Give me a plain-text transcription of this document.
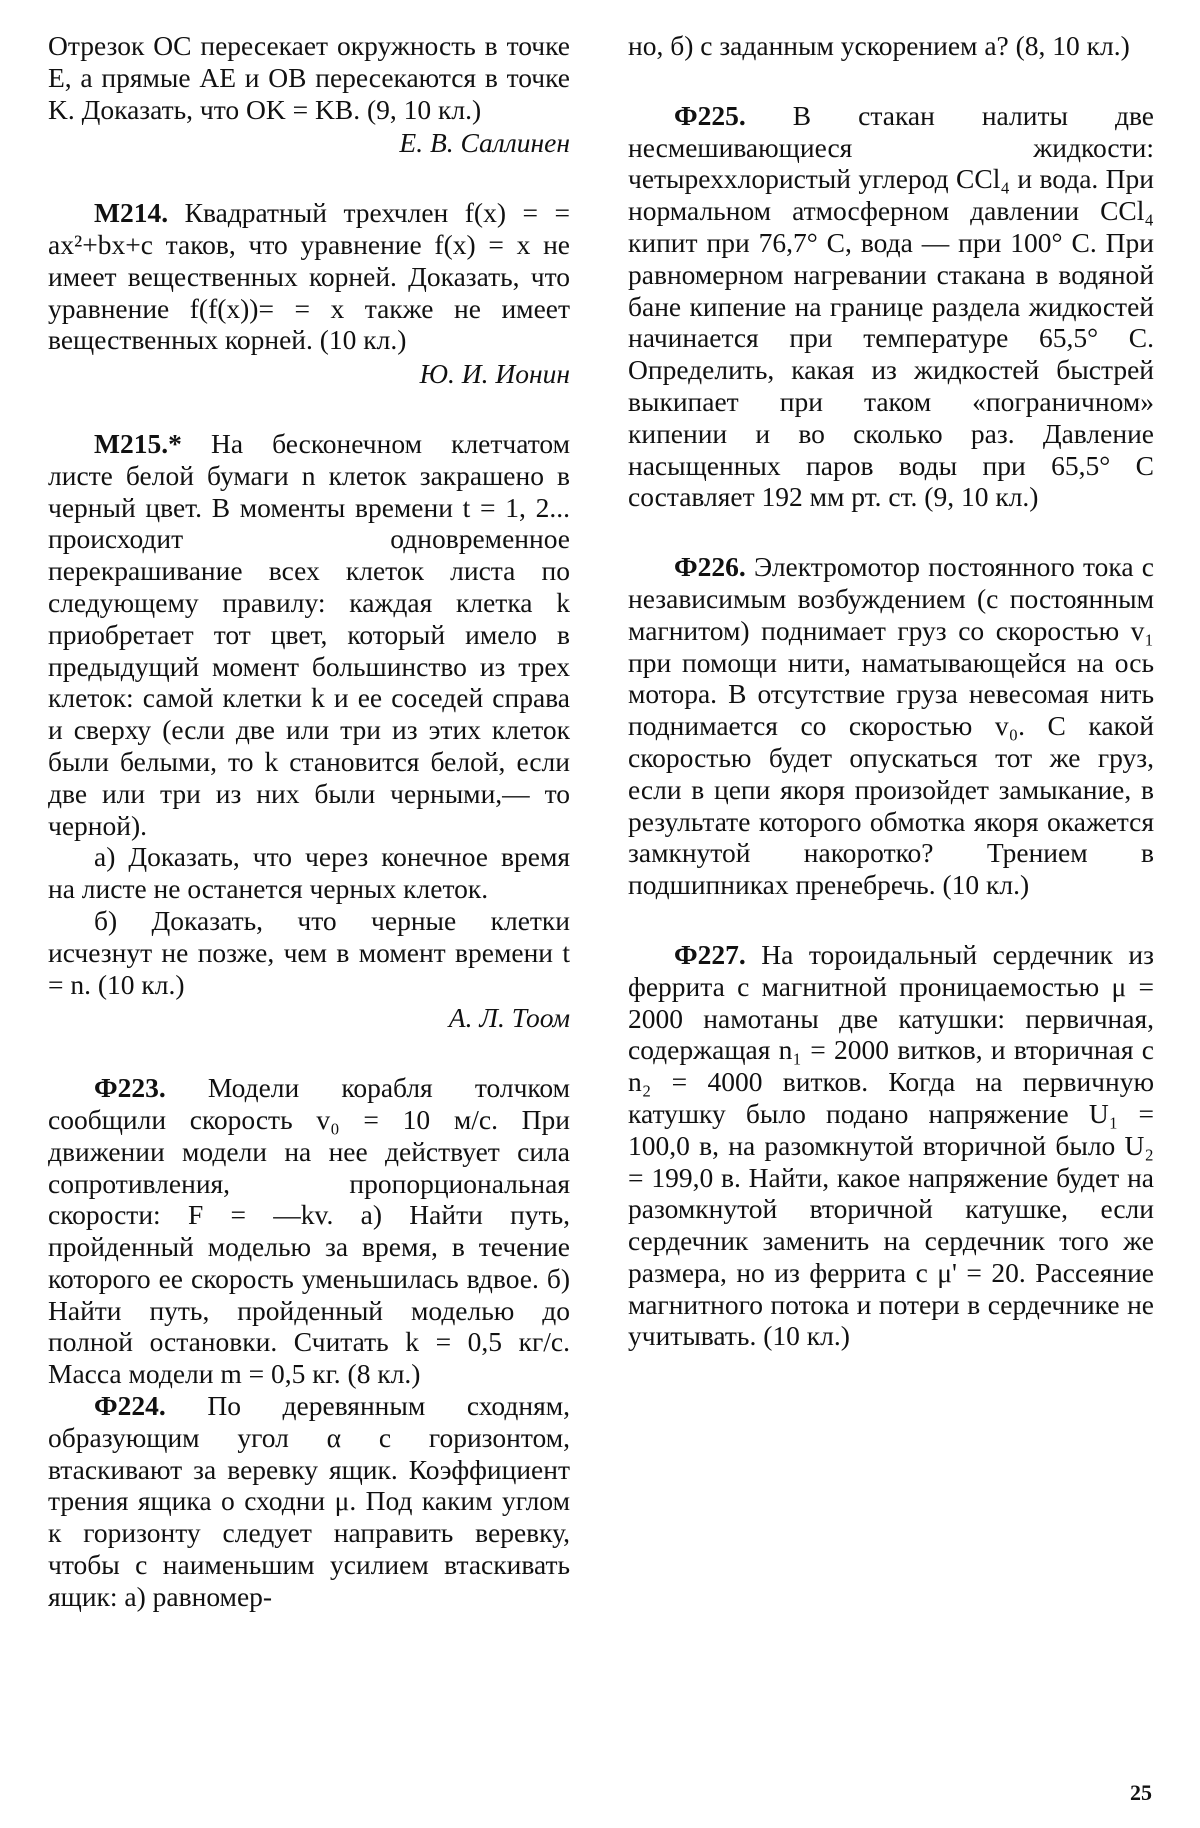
Отрезок OC пересекает окружность в точке E, а прямые AE и OB пересекаются в точке K. Доказать, что OK = KB. (9, 10 кл.)

Е. В. Саллинен

М214. Квадратный трехчлен f(x) = = ax²+bx+c таков, что уравнение f(x) = x не имеет вещественных корней. Доказать, что уравнение f(f(x))= = x также не имеет вещественных корней. (10 кл.)

Ю. И. Ионин

М215.* На бесконечном клетчатом листе белой бумаги n клеток закрашено в черный цвет. В моменты времени t = 1, 2... происходит одновременное перекрашивание всех клеток листа по следующему правилу: каждая клетка k приобретает тот цвет, который имело в предыдущий момент большинство из трех клеток: самой клетки k и ее соседей справа и сверху (если две или три из этих клеток были белыми, то k становится белой, если две или три из них были черными,— то черной).

а) Доказать, что через конечное время на листе не останется черных клеток.

б) Доказать, что черные клетки исчезнут не позже, чем в момент времени t = n. (10 кл.)

А. Л. Тоом

Ф223. Модели корабля толчком сообщили скорость v₀ = 10 м/с. При движении модели на нее действует сила сопротивления, пропорциональная скорости: F = —kv. а) Найти путь, пройденный моделью за время, в течение которого ее скорость уменьшилась вдвое. б) Найти путь, пройденный моделью до полной остановки. Считать k = 0,5 кг/с. Масса модели m = 0,5 кг. (8 кл.)

Ф224. По деревянным сходням, образующим угол α с горизонтом, втаскивают за веревку ящик. Коэффициент трения ящика о сходни μ. Под каким углом к горизонту следует направить веревку, чтобы с наименьшим усилием втаскивать ящик: а) равномер-

но, б) с заданным ускорением a? (8, 10 кл.)

Ф225. В стакан налиты две несмешивающиеся жидкости: четыреххлористый углерод CCl₄ и вода. При нормальном атмосферном давлении CCl₄ кипит при 76,7° С, вода — при 100° С. При равномерном нагревании стакана в водяной бане кипение на границе раздела жидкостей начинается при температуре 65,5° С. Определить, какая из жидкостей быстрей выкипает при таком «пограничном» кипении и во сколько раз. Давление насыщенных паров воды при 65,5° С составляет 192 мм рт. ст. (9, 10 кл.)

Ф226. Электромотор постоянного тока с независимым возбуждением (с постоянным магнитом) поднимает груз со скоростью v₁ при помощи нити, наматывающейся на ось мотора. В отсутствие груза невесомая нить поднимается со скоростью v₀. С какой скоростью будет опускаться тот же груз, если в цепи якоря произойдет замыкание, в результате которого обмотка якоря окажется замкнутой накоротко? Трением в подшипниках пренебречь. (10 кл.)

Ф227. На тороидальный сердечник из феррита с магнитной проницаемостью μ = 2000 намотаны две катушки: первичная, содержащая n₁ = 2000 витков, и вторичная с n₂ = 4000 витков. Когда на первичную катушку было подано напряжение U₁ = 100,0 в, на разомкнутой вторичной было U₂ = 199,0 в. Найти, какое напряжение будет на разомкнутой вторичной катушке, если сердечник заменить на сердечник того же размера, но из феррита с μ' = 20. Рассеяние магнитного потока и потери в сердечнике не учитывать. (10 кл.)

25
